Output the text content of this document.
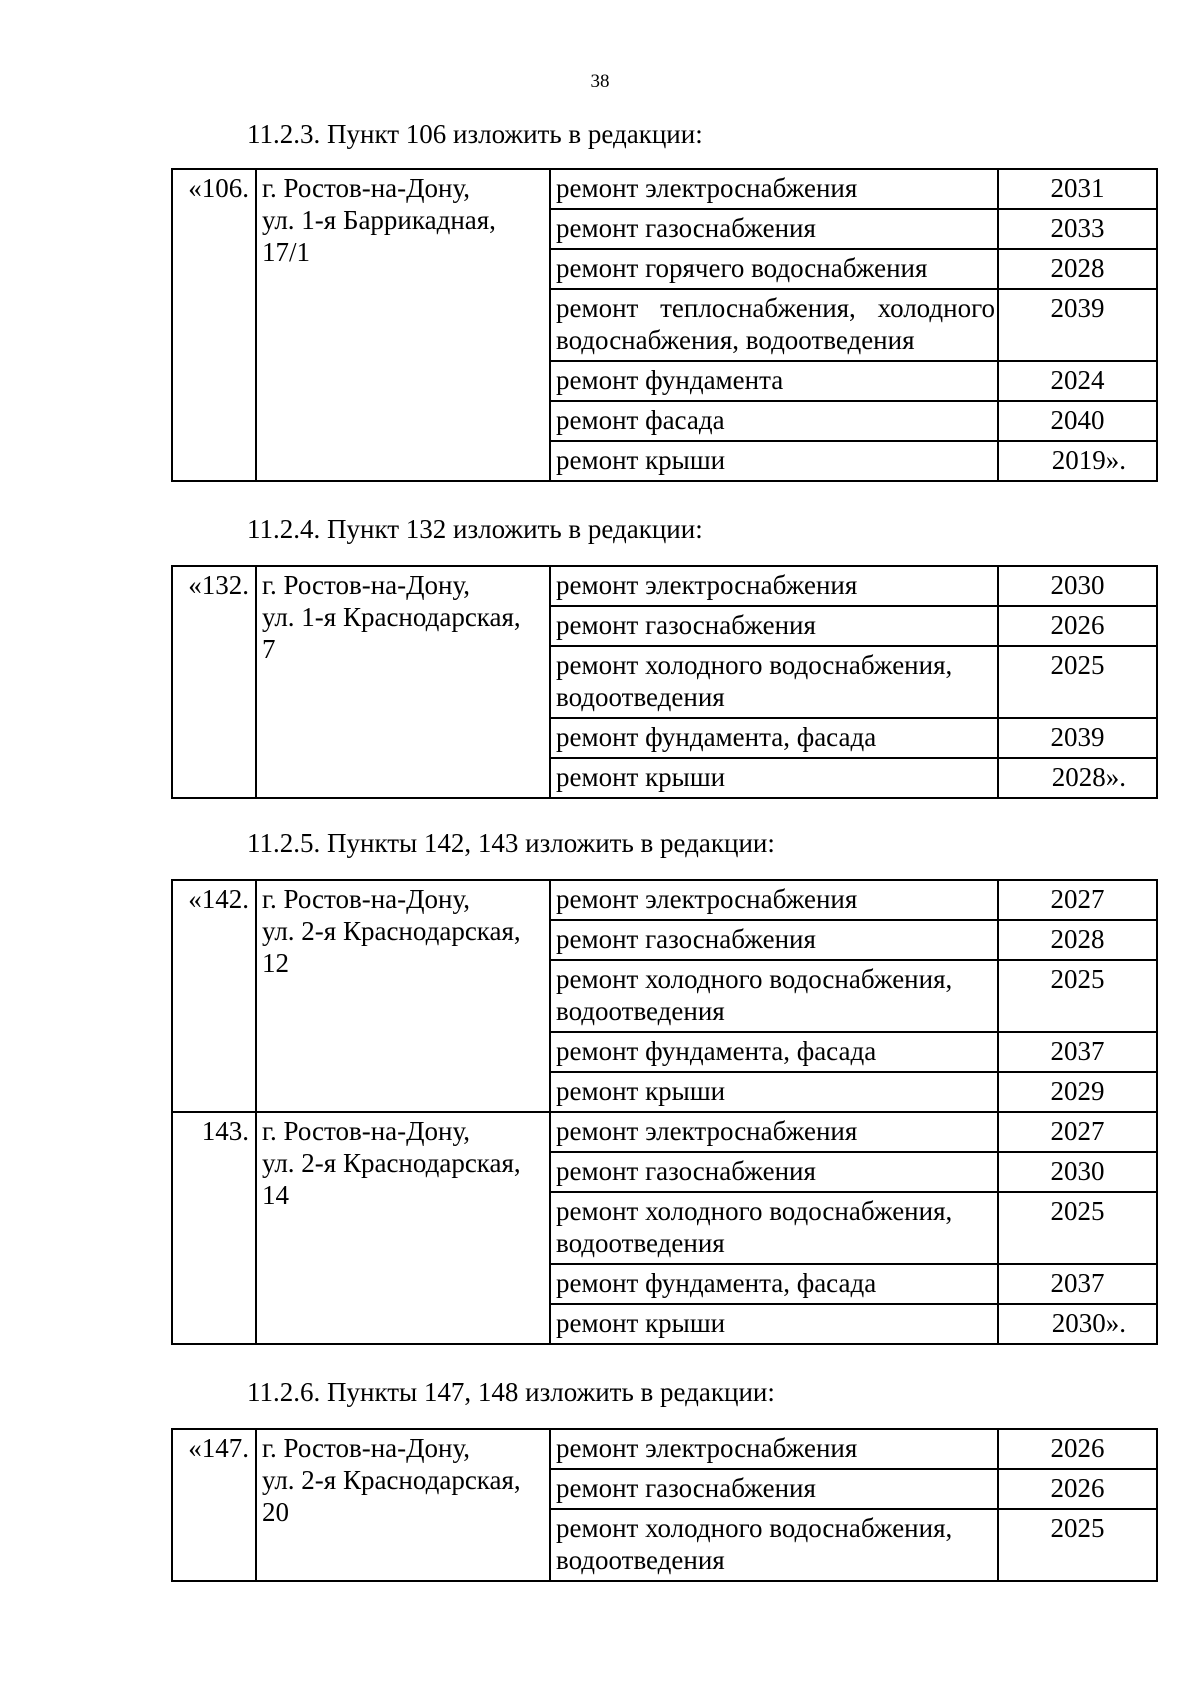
38
11.2.3. Пункт 106 изложить в редакции:
«106.	г. Ростов-на-Дону,
ул. 1-я Баррикадная,
17/1	ремонт электроснабжения	2031
		ремонт газоснабжения	2033
		ремонт горячего водоснабжения	2028
		ремонт теплоснабжения, холодного водоснабжения, водоотведения	2039
		ремонт фундамента	2024
		ремонт фасада	2040
		ремонт крыши	2019».
11.2.4. Пункт 132 изложить в редакции:
«132.	г. Ростов-на-Дону,
ул. 1-я Краснодарская,
7	ремонт электроснабжения	2030
		ремонт газоснабжения	2026
		ремонт холодного водоснабжения, водоотведения	2025
		ремонт фундамента, фасада	2039
		ремонт крыши	2028».
11.2.5. Пункты 142, 143 изложить в редакции:
«142.	г. Ростов-на-Дону,
ул. 2-я Краснодарская,
12	ремонт электроснабжения	2027
		ремонт газоснабжения	2028
		ремонт холодного водоснабжения, водоотведения	2025
		ремонт фундамента, фасада	2037
		ремонт крыши	2029
143.	г. Ростов-на-Дону,
ул. 2-я Краснодарская,
14	ремонт электроснабжения	2027
		ремонт газоснабжения	2030
		ремонт холодного водоснабжения, водоотведения	2025
		ремонт фундамента, фасада	2037
		ремонт крыши	2030».
11.2.6. Пункты 147, 148 изложить в редакции:
«147.	г. Ростов-на-Дону,
ул. 2-я Краснодарская,
20	ремонт электроснабжения	2026
		ремонт газоснабжения	2026
		ремонт холодного водоснабжения, водоотведения	2025
